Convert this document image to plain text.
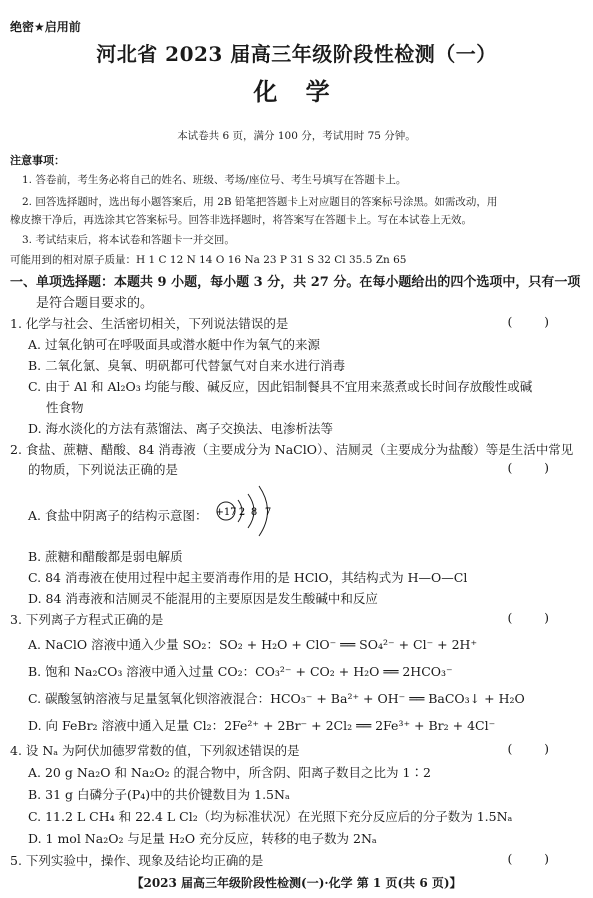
绝密★启用前
河北省 2023 届高三年级阶段性检测（一）
化 学
本试卷共 6 页，满分 100 分，考试用时 75 分钟。
注意事项：
1. 答卷前，考生务必将自己的姓名、班级、考场/座位号、考生号填写在答题卡上。
2. 回答选择题时，选出每小题答案后，用 2B 铅笔把答题卡上对应题目的答案标号涂黑。如需改动，用
橡皮擦干净后，再选涂其它答案标号。回答非选择题时，将答案写在答题卡上。写在本试卷上无效。
3. 考试结束后，将本试卷和答题卡一并交回。
可能用到的相对原子质量：H 1 C 12 N 14 O 16 Na 23 P 31 S 32 Cl 35.5 Zn 65
一、单项选择题：本题共 9 小题，每小题 3 分，共 27 分。在每小题给出的四个选项中，只有一项
是符合题目要求的。
1. 化学与社会、生活密切相关，下列说法错误的是	(        )
A. 过氧化钠可在呼吸面具或潜水艇中作为氧气的来源
B. 二氧化氯、臭氧、明矾都可代替氯气对自来水进行消毒
C. 由于 Al 和 Al₂O₃ 均能与酸、碱反应，因此铝制餐具不宜用来蒸煮或长时间存放酸性或碱
性食物
D. 海水淡化的方法有蒸馏法、离子交换法、电渗析法等
2. 食盐、蔗糖、醋酸、84 消毒液（主要成分为 NaClO）、洁厕灵（主要成分为盐酸）等是生活中常见
的物质，下列说法正确的是	(        )
A. 食盐中阴离子的结构示意图： +17 2 8 7
B. 蔗糖和醋酸都是弱电解质
C. 84 消毒液在使用过程中起主要消毒作用的是 HClO，其结构式为 H—O—Cl
D. 84 消毒液和洁厕灵不能混用的主要原因是发生酸碱中和反应
3. 下列离子方程式正确的是	(        )
A. NaClO 溶液中通入少量 SO₂：SO₂ + H₂O + ClO⁻ ══ SO₄²⁻ + Cl⁻ + 2H⁺
B. 饱和 Na₂CO₃ 溶液中通入过量 CO₂：CO₃²⁻ + CO₂ + H₂O ══ 2HCO₃⁻
C. 碳酸氢钠溶液与足量氢氧化钡溶液混合：HCO₃⁻ + Ba²⁺ + OH⁻ ══ BaCO₃↓ + H₂O
D. 向 FeBr₂ 溶液中通入足量 Cl₂：2Fe²⁺ + 2Br⁻ + 2Cl₂ ══ 2Fe³⁺ + Br₂ + 4Cl⁻
4. 设 Nₐ 为阿伏加德罗常数的值，下列叙述错误的是	(        )
A. 20 g Na₂O 和 Na₂O₂ 的混合物中，所含阴、阳离子数目之比为 1∶2
B. 31 g 白磷分子(P₄)中的共价键数目为 1.5Nₐ
C. 11.2 L CH₄ 和 22.4 L Cl₂（均为标准状况）在光照下充分反应后的分子数为 1.5Nₐ
D. 1 mol Na₂O₂ 与足量 H₂O 充分反应，转移的电子数为 2Nₐ
5. 下列实验中，操作、现象及结论均正确的是	(        )
【2023 届高三年级阶段性检测(一)·化学 第 1 页(共 6 页)】
